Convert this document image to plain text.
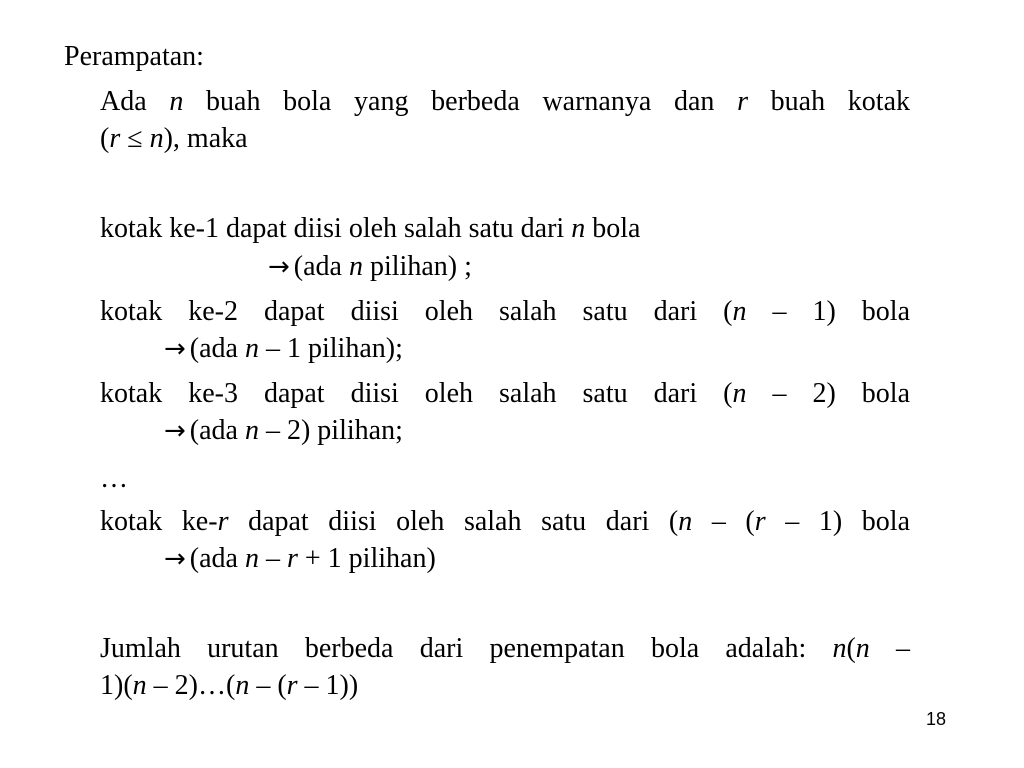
Perampatan:
Ada n buah bola yang berbeda warnanya dan r buah kotak
(r ≤ n), maka
kotak ke-1 dapat diisi oleh salah satu dari n bola
→ (ada n pilihan) ;
kotak ke-2 dapat diisi oleh salah satu dari (n – 1) bola
→ (ada n – 1 pilihan);
kotak ke-3 dapat diisi oleh salah satu dari (n – 2) bola
→ (ada n – 2) pilihan;
…
kotak ke-r dapat diisi oleh salah satu dari (n – (r – 1) bola
→ (ada n – r + 1 pilihan)
Jumlah urutan berbeda dari penempatan bola adalah: n(n –
1)(n – 2)…(n – (r – 1))
18
